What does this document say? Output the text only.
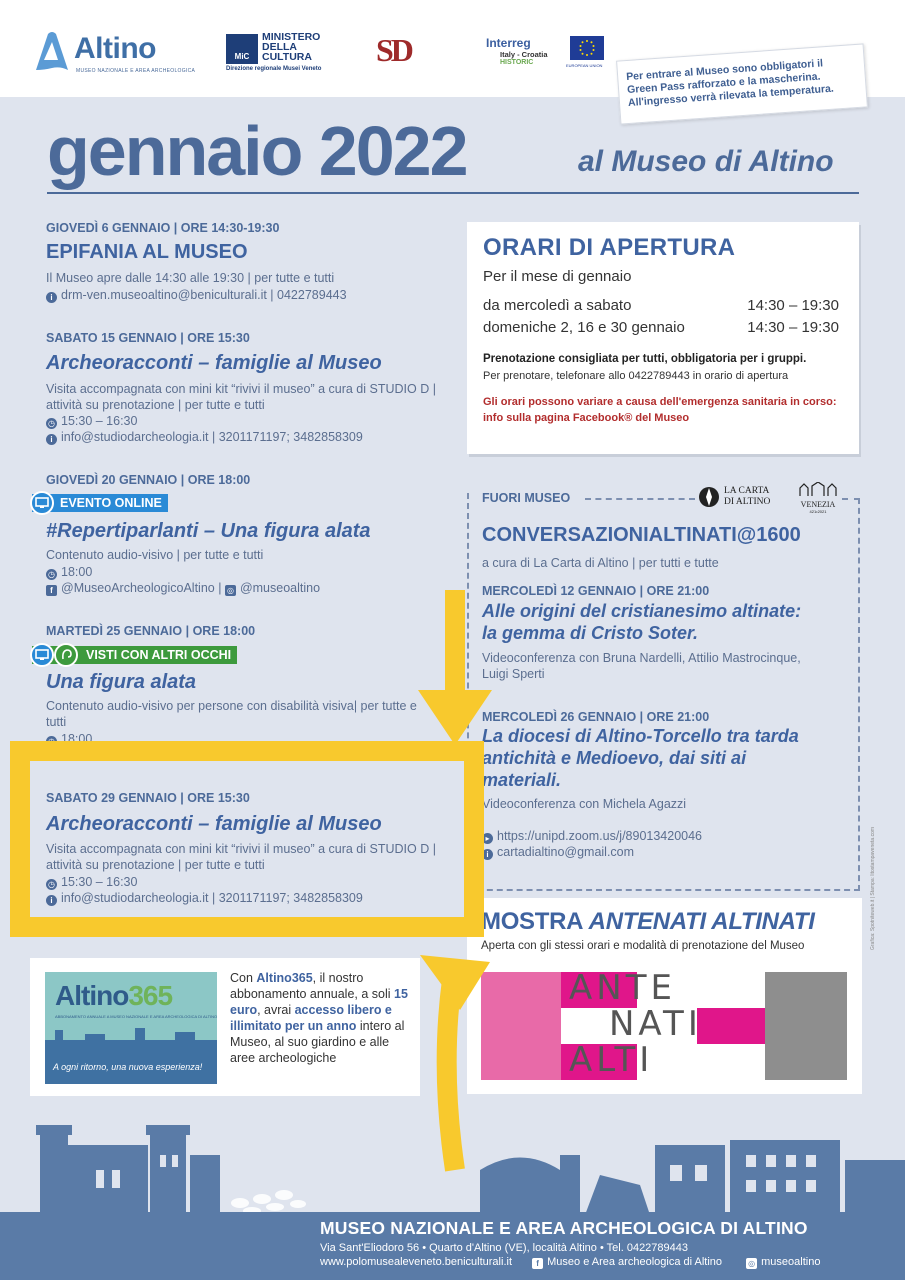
Altino
MUSEO NAZIONALE E AREA ARCHEOLOGICA
MiC
MINISTERO
DELLA
CULTURA
Direzione regionale Musei Veneto
SD	Interreg
Italy - Croatia
HISTORIC	EUROPEAN UNION	Per entrare al Museo sono obbligatori il Green Pass rafforzato e la mascherina. All'ingresso verrà rilevata la temperatura.
gennaio 2022	al Museo di Altino
GIOVEDÌ 6 GENNAIO | ORE 14:30-19:30
EPIFANIA AL MUSEO
Il Museo apre dalle 14:30 alle 19:30 | per tutte e tutti
i drm-ven.museoaltino@beniculturali.it | 0422789443
SABATO 15 GENNAIO | ORE 15:30
Archeoracconti – famiglie al Museo
Visita accompagnata con mini kit “rivivi il museo” a cura di STUDIO D | attività su prenotazione | per tutte e tutti
◷ 15:30 – 16:30
i info@studiodarcheologia.it | 3201171197; 3482858309
GIOVEDÌ 20 GENNAIO | ORE 18:00
EVENTO ONLINE
#Repertiparlanti – Una figura alata
Contenuto audio-visivo | per tutte e tutti
◷ 18:00
f @MuseoArcheologicoAltino | ◎ @museoaltino
MARTEDÌ 25 GENNAIO | ORE 18:00
VISTI CON ALTRI OCCHI
Una figura alata
Contenuto audio-visivo per persone con disabilità visiva| per tutte e tutti
◷ 18:00
SABATO 29 GENNAIO | ORE 15:30
Archeoracconti – famiglie al Museo
Visita accompagnata con mini kit “rivivi il museo” a cura di STUDIO D | attività su prenotazione | per tutte e tutti
◷ 15:30 – 16:30
i info@studiodarcheologia.it | 3201171197; 3482858309
ORARI DI APERTURA
Per il mese di gennaio
da mercoledì a sabato	14:30 – 19:30
domeniche 2, 16 e 30 gennaio	14:30 – 19:30
Prenotazione consigliata per tutti, obbligatoria per i gruppi.
Per prenotare, telefonare allo 0422789443 in orario di apertura
Gli orari possono variare a causa dell'emergenza sanitaria in corso: info sulla pagina Facebook® del Museo
FUORI MUSEO	LA CARTA DI ALTINO	VENEZIA
421•2021
CONVERSAZIONIALTINATI@1600
a cura di La Carta di Altino | per tutti e tutte
MERCOLEDÌ 12 GENNAIO | ORE 21:00
Alle origini del cristianesimo altinate:
la gemma di Cristo Soter.
Videoconferenza con Bruna Nardelli, Attilio Mastrocinque,
Luigi Sperti
MERCOLEDÌ 26 GENNAIO | ORE 21:00
La diocesi di Altino-Torcello tra tarda
antichità e Medioevo, dai siti ai
materiali.
Videoconferenza con Michela Agazzi
▸ https://unipd.zoom.us/j/89013420046
i cartadialtino@gmail.com
MOSTRA ANTENATI ALTINATI
Aperta con gli stessi orari e modalità di prenotazione del Museo
ANTE
NATI
ALTI
Altino365
ABBONAMENTO ANNUALE A MUSEO NAZIONALE E AREA ARCHEOLOGICA DI ALTINO
A ogni ritorno, una nuova esperienza!
Con Altino365, il nostro abbonamento annuale, a soli 15 euro, avrai accesso libero e illimitato per un anno intero al Museo, al suo giardino e alle aree archeologiche
MUSEO NAZIONALE E AREA ARCHEOLOGICA DI ALTINO
Via Sant'Eliodoro 56 • Quarto d'Altino (VE), località Altino • Tel. 0422789443
www.polomusealeveneto.beniculturali.it	f Museo e Area archeologica di Altino	◎ museoaltino
Grafica: Spotniteweb.it | Stampa: litostampaveneta.com
